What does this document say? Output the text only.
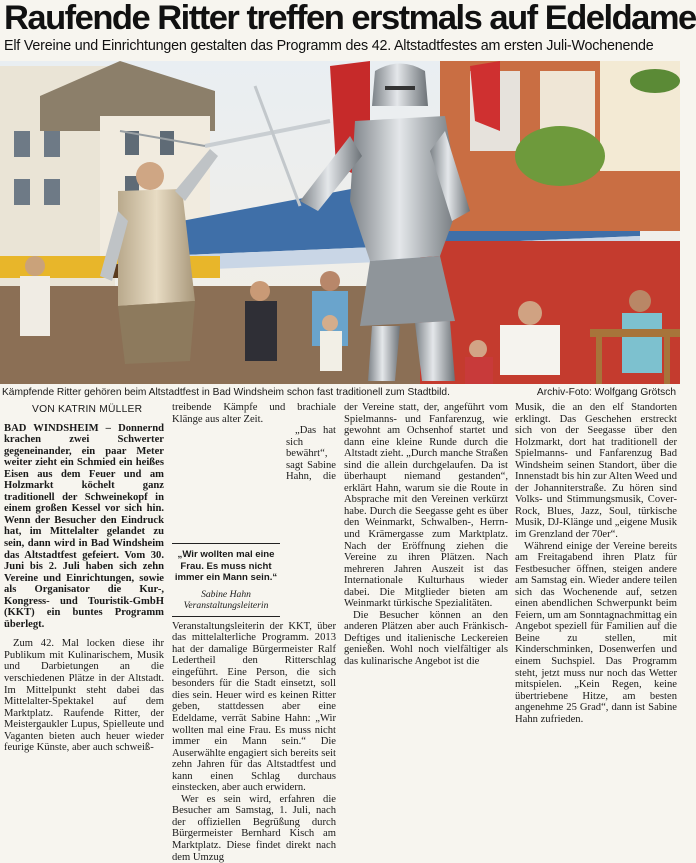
Raufende Ritter treffen erstmals auf Edeldame

Elf Vereine und Einrichtungen gestalten das Programm des 42. Altstadtfestes am ersten Juli-Wochenende

Kämpfende Ritter gehören beim Altstadtfest in Bad Windsheim schon fast traditionell zum Stadtbild.	Archiv-Foto: Wolfgang Grötsch
VON KATRIN MÜLLER

BAD WINDSHEIM – Donnernd krachen zwei Schwerter gegeneinander, ein paar Meter weiter zieht ein Schmied ein heißes Eisen aus dem Feuer und am Holzmarkt köchelt ganz traditionell der Schweinekopf in einem großen Kessel vor sich hin. Wenn der Besucher den Eindruck hat, im Mittelalter gelandet zu sein, dann wird in Bad Windsheim das Altstadtfest gefeiert. Vom 30. Juni bis 2. Juli haben sich zehn Vereine und Einrichtungen, sowie als Organisator die Kur-, Kongress- und Touristik-GmbH (KKT) ein buntes Programm überlegt.

Zum 42. Mal locken diese ihr Publikum mit Kulinarischem, Musik und Darbietungen an die verschiedenen Plätze in der Altstadt. Im Mittelpunkt steht dabei das Mittelalter-Spektakel auf dem Marktplatz. Raufende Ritter, der Meistergaukler Lupus, Spielleute und Vaganten bieten auch heuer wieder feurige Künste, aber auch schweiß-

treibende Kämpfe und brachiale Klänge aus alter Zeit.

„Wir wollten mal eine Frau. Es muss nicht immer ein Mann sein.“
Sabine Hahn
Veranstaltungsleiterin

„Das hat sich bewährt“, sagt Sabine Hahn, die Veranstaltungsleiterin der KKT, über das mittelalterliche Programm. 2013 hat der damalige Bürgermeister Ralf Ledertheil den Ritterschlag eingeführt. Eine Person, die sich besonders für die Stadt einsetzt, soll dies sein. Heuer wird es keinen Ritter geben, stattdessen aber eine Edeldame, verrät Sabine Hahn: „Wir wollten mal eine Frau. Es muss nicht immer ein Mann sein.“ Die Auserwählte engagiert sich bereits seit zehn Jahren für das Altstadtfest und kann einen Schlag durchaus einstecken, aber auch erwidern.

Wer es sein wird, erfahren die Besucher am Samstag, 1. Juli, nach der offiziellen Begrüßung durch Bürgermeister Bernhard Kisch am Marktplatz. Diese findet direkt nach dem Umzug

der Vereine statt, der, angeführt vom Spielmanns- und Fanfarenzug, wie gewohnt am Ochsenhof startet und dann eine kleine Runde durch die Altstadt zieht. „Durch manche Straßen sind die allein durchgelaufen. Da ist überhaupt niemand gestanden“, erklärt Hahn, warum sie die Route in Absprache mit den Vereinen verkürzt habe. Durch die Seegasse geht es über den Weinmarkt, Schwalben-, Herrn- und Krämergasse zum Marktplatz. Nach der Eröffnung ziehen die Vereine zu ihren Plätzen. Nach mehreren Jahren Auszeit ist das Internationale Kulturhaus wieder dabei. Die Mitglieder bieten am Weinmarkt türkische Spezialitäten.

Die Besucher können an den anderen Plätzen aber auch Fränkisch-Deftiges und italienische Leckereien genießen. Wohl noch vielfältiger als das kulinarische Angebot ist die

Musik, die an den elf Standorten erklingt. Das Geschehen erstreckt sich von der Seegasse über den Holzmarkt, dort hat traditionell der Spielmanns- und Fanfarenzug Bad Windsheim seinen Standort, über die Innenstadt bis hin zur Alten Weed und der Johanniterstraße. Zu hören sind Volks- und Stimmungsmusik, Cover-Rock, Blues, Jazz, Soul, türkische Musik, DJ-Klänge und „eigene Musik im Grenzland der 70er“.

Während einige der Vereine bereits am Freitagabend ihren Platz für Festbesucher öffnen, steigen andere am Samstag ein. Wieder andere teilen sich das Wochenende auf, setzen einen abendlichen Schwerpunkt beim Feiern, um am Sonntagnachmittag ein Angebot speziell für Familien auf die Beine zu stellen, mit Kinderschminken, Dosenwerfen und einem Suchspiel. Das Programm steht, jetzt muss nur noch das Wetter mitspielen. „Kein Regen, keine übertriebene Hitze, am besten angenehme 25 Grad“, dann ist Sabine Hahn zufrieden.
